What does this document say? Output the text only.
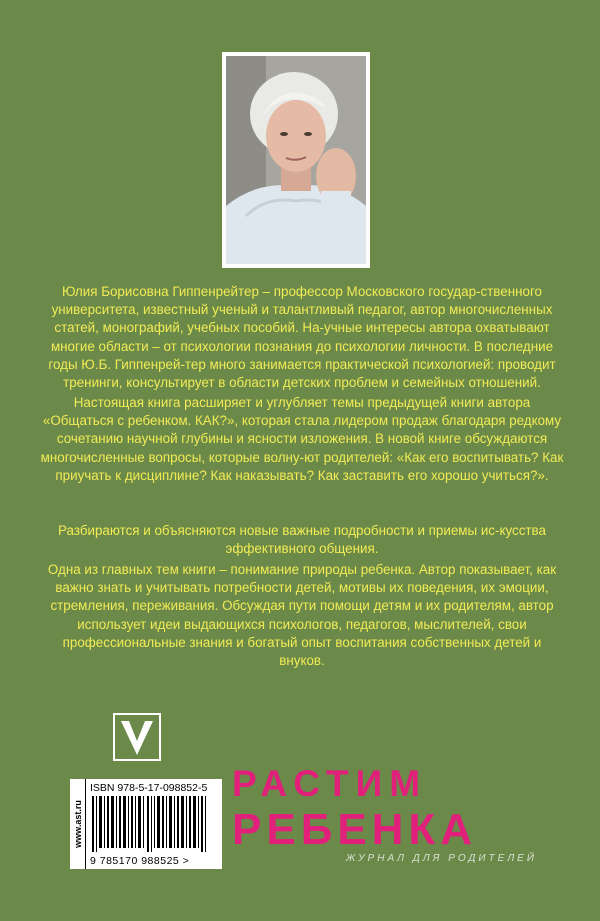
Юлия Борисовна Гиппенрейтер – профессор Московского государ-ственного университета, известный ученый и талантливый педагог, автор многочисленных статей, монографий, учебных пособий. На-учные интересы автора охватывают многие области – от психологии познания до психологии личности. В последние годы Ю.Б. Гиппенрей-тер много занимается практической психологией: проводит тренинги, консультирует в области детских проблем и семейных отношений.

Настоящая книга расширяет и углубляет темы предыдущей книги автора «Общаться с ребенком. КАК?», которая стала лидером продаж благодаря редкому сочетанию научной глубины и ясности изложения. В новой книге обсуждаются многочисленные вопросы, которые волну-ют родителей: «Как его воспитывать? Как приучать к дисциплине? Как наказывать? Как заставить его хорошо учиться?».

Разбираются и объясняются новые важные подробности и приемы ис-кусства эффективного общения.

Одна из главных тем книги – понимание природы ребенка. Автор показывает, как важно знать и учитывать потребности детей, мотивы их поведения, их эмоции, стремления, переживания. Обсуждая пути помощи детям и их родителям, автор использует идеи выдающихся психологов, педагогов, мыслителей, свои профессиональные знания и богатый опыт воспитания собственных детей и внуков.

www.ast.ru
ISBN 978-5-17-098852-5
9 785170 988525 >
РАСТИМ
РЕБЕНКА
ЖУРНАЛ ДЛЯ РОДИТЕЛЕЙ
